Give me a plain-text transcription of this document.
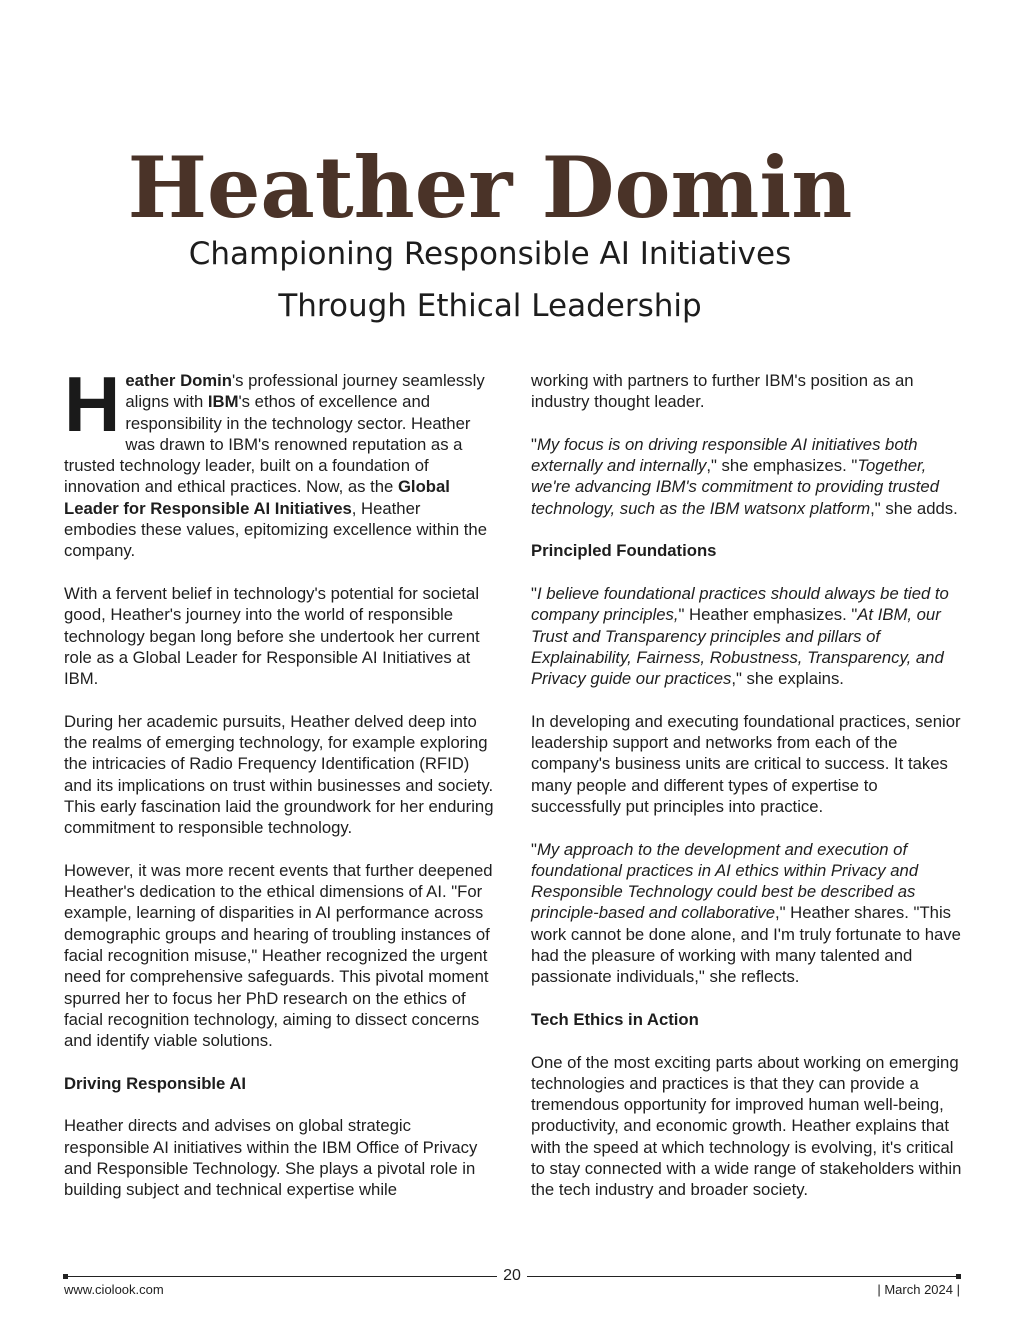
Heather Domin
Championing Responsible AI Initiatives
Through Ethical Leadership

Heather Domin's professional journey seamlessly aligns with IBM's ethos of excellence and responsibility in the technology sector. Heather was drawn to IBM's renowned reputation as a trusted technology leader, built on a foundation of innovation and ethical practices. Now, as the Global Leader for Responsible AI Initiatives, Heather embodies these values, epitomizing excellence within the company.

With a fervent belief in technology's potential for societal good, Heather's journey into the world of responsible technology began long before she undertook her current role as a Global Leader for Responsible AI Initiatives at IBM.

During her academic pursuits, Heather delved deep into the realms of emerging technology, for example exploring the intricacies of Radio Frequency Identification (RFID) and its implications on trust within businesses and society. This early fascination laid the groundwork for her enduring commitment to responsible technology.

However, it was more recent events that further deepened Heather's dedication to the ethical dimensions of AI. "For example, learning of disparities in AI performance across demographic groups and hearing of troubling instances of facial recognition misuse," Heather recognized the urgent need for comprehensive safeguards. This pivotal moment spurred her to focus her PhD research on the ethics of facial recognition technology, aiming to dissect concerns and identify viable solutions.

Driving Responsible AI

Heather directs and advises on global strategic responsible AI initiatives within the IBM Office of Privacy and Responsible Technology. She plays a pivotal role in building subject and technical expertise while

working with partners to further IBM's position as an industry thought leader.

"My focus is on driving responsible AI initiatives both externally and internally," she emphasizes. "Together, we're advancing IBM's commitment to providing trusted technology, such as the IBM watsonx platform," she adds.

Principled Foundations

"I believe foundational practices should always be tied to company principles," Heather emphasizes. "At IBM, our Trust and Transparency principles and pillars of Explainability, Fairness, Robustness, Transparency, and Privacy guide our practices," she explains.

In developing and executing foundational practices, senior leadership support and networks from each of the company's business units are critical to success. It takes many people and different types of expertise to successfully put principles into practice.

"My approach to the development and execution of foundational practices in AI ethics within Privacy and Responsible Technology could best be described as principle-based and collaborative," Heather shares. "This work cannot be done alone, and I'm truly fortunate to have had the pleasure of working with many talented and passionate individuals," she reflects.

Tech Ethics in Action

One of the most exciting parts about working on emerging technologies and practices is that they can provide a tremendous opportunity for improved human well-being, productivity, and economic growth. Heather explains that with the speed at which technology is evolving, it's critical to stay connected with a wide range of stakeholders within the tech industry and broader society.

20
www.ciolook.com	| March 2024 |
